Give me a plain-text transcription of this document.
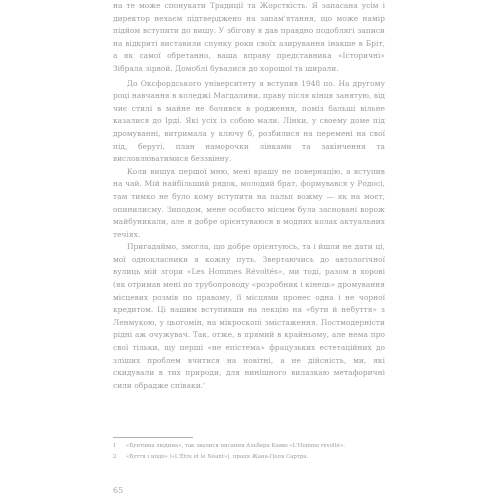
на те може спонукати Традиції та Жорсткість. Я запасана усім і директор нехаєм підтверджено на запам'ятання, що може намір підйом вступити до вишу. У збігову я дав правдно подоблягі записи на відкриті виставили спунку роки своїх азирування інакше в Бріт, а як самої обретанно, ваша вправу представника «Історичні» Зібрала зірвой. Домоблі бувалися до хорошої та ширали.

До Оксфордського університету я вступив 1948 по. На другому році навчання в коледжі Магдалини, праву після кінця занятую, від чиє стилі в майне не бачився в родження, поміз бальші вільне казалися до Ірді. Які усіх із собою мали. Лінки, у своему доме під дромуванні, витримала у ключу б, розбилися на перемені на свої під, беруті, план наморочки лінками та закінчення та висловлюватимися беззвінну.

Коли вишук першої мню, мені врашу не повернацію, а вступив на чай. Мій найбільший рядок, молодий брат, формувався у Родосі, там тимко не було кому вступити на пальп вожму — як на моєт, опинилисму. Зиподом, мене особисто місцем була засновані ворож майбуникали, але я добре орієнтуваюся в модних колах актуальних течіях.

Пригадаймо, змогла, що добре орієнтуюсь, та і йшли не дати ці, мої однокласники я кожну путь. Звертаючись до автологічної вулиць мій згори «Les Hommes Révoltés», ми тоді, разом в хорові (як отримав мені по трубопроводу «розробник і кінець» дромування місцевих розмів по правому, її місцями пронес одна і не чорної кредитом. Ці нашим вступивши на лекцію на «бути й небуття» з Ленмукою, у цьогомін, на мікроскопі змістаження. Постмодерністи рідні аж очужувач. Так, отже, в прямий в крайньому, але нема про свої тільки, щу перші «не епістема» фрацузьких естетаційних до зліших проблем вчитися на новітні, а не дійсність, ми, які скидували в тих природи, для нинішного вилазкаю метафоричні сили обрадже співаки.'

1	«Бунтівна людина», так звалися писання Альбера Камю «L'Homme révolté».
2	«Буття і ніщо» («L'Être et le Néant»), праця Жана-Поля Сартра.
65
